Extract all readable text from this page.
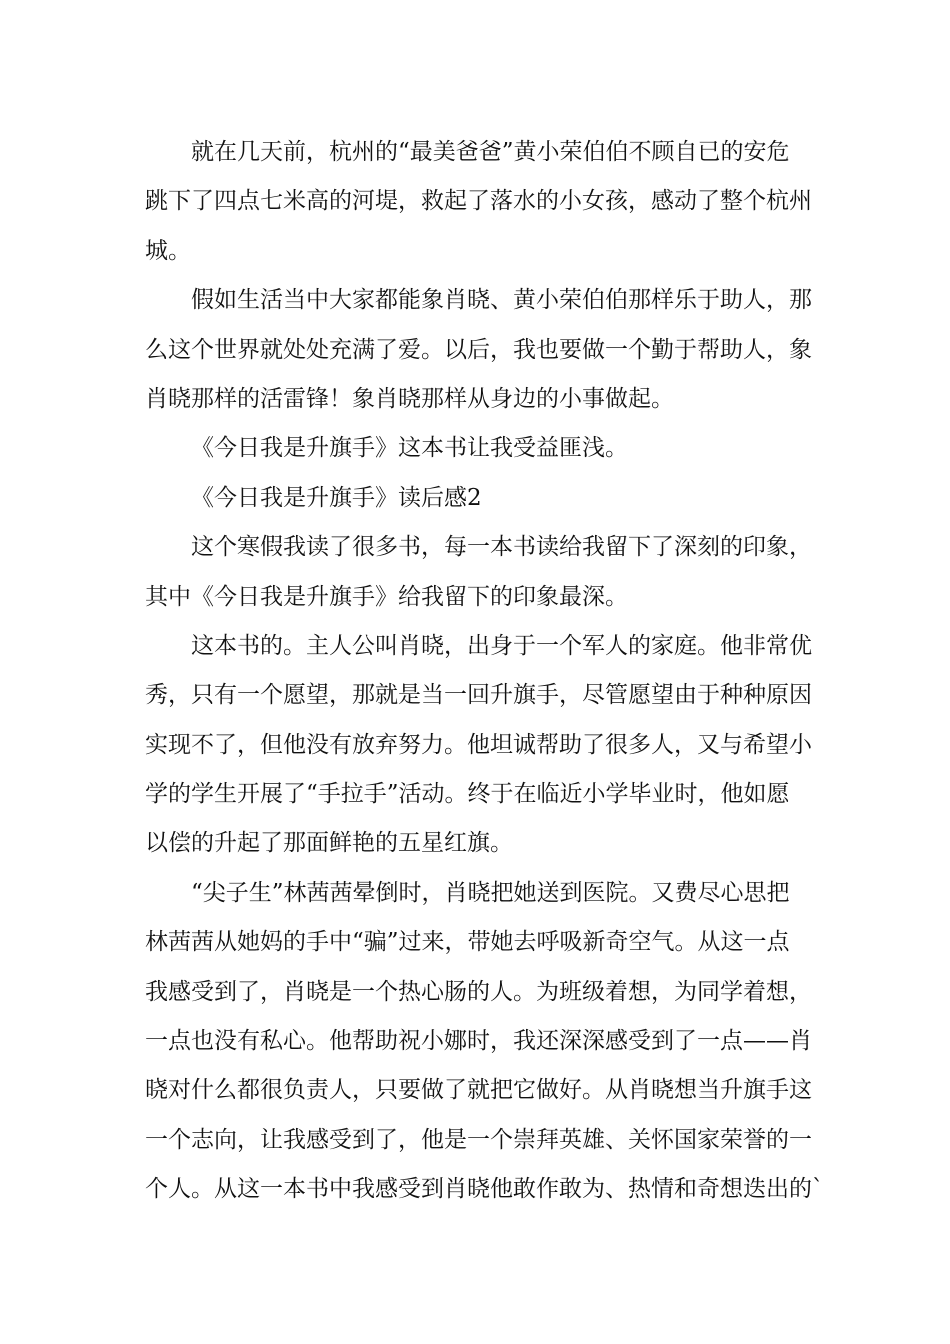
就在几天前，杭州的“最美爸爸”黄小荣伯伯不顾自已的安危
跳下了四点七米高的河堤，救起了落水的小女孩，感动了整个杭州
城。
假如生活当中大家都能象肖晓、黄小荣伯伯那样乐于助人，那
么这个世界就处处充满了爱。以后，我也要做一个勤于帮助人，象
肖晓那样的活雷锋！象肖晓那样从身边的小事做起。
《今日我是升旗手》这本书让我受益匪浅。
《今日我是升旗手》读后感2
这个寒假我读了很多书，每一本书读给我留下了深刻的印象，
其中《今日我是升旗手》给我留下的印象最深。
这本书的。主人公叫肖晓，出身于一个军人的家庭。他非常优
秀，只有一个愿望，那就是当一回升旗手，尽管愿望由于种种原因
实现不了，但他没有放弃努力。他坦诚帮助了很多人，又与希望小
学的学生开展了“手拉手”活动。终于在临近小学毕业时，他如愿
以偿的升起了那面鲜艳的五星红旗。
“尖子生”林茜茜晕倒时，肖晓把她送到医院。又费尽心思把
林茜茜从她妈的手中“骗”过来，带她去呼吸新奇空气。从这一点
我感受到了，肖晓是一个热心肠的人。为班级着想，为同学着想，
一点也没有私心。他帮助祝小娜时，我还深深感受到了一点——肖
晓对什么都很负责人，只要做了就把它做好。从肖晓想当升旗手这
一个志向，让我感受到了，他是一个崇拜英雄、关怀国家荣誉的一
个人。从这一本书中我感受到肖晓他敢作敢为、热情和奇想迭出的`
